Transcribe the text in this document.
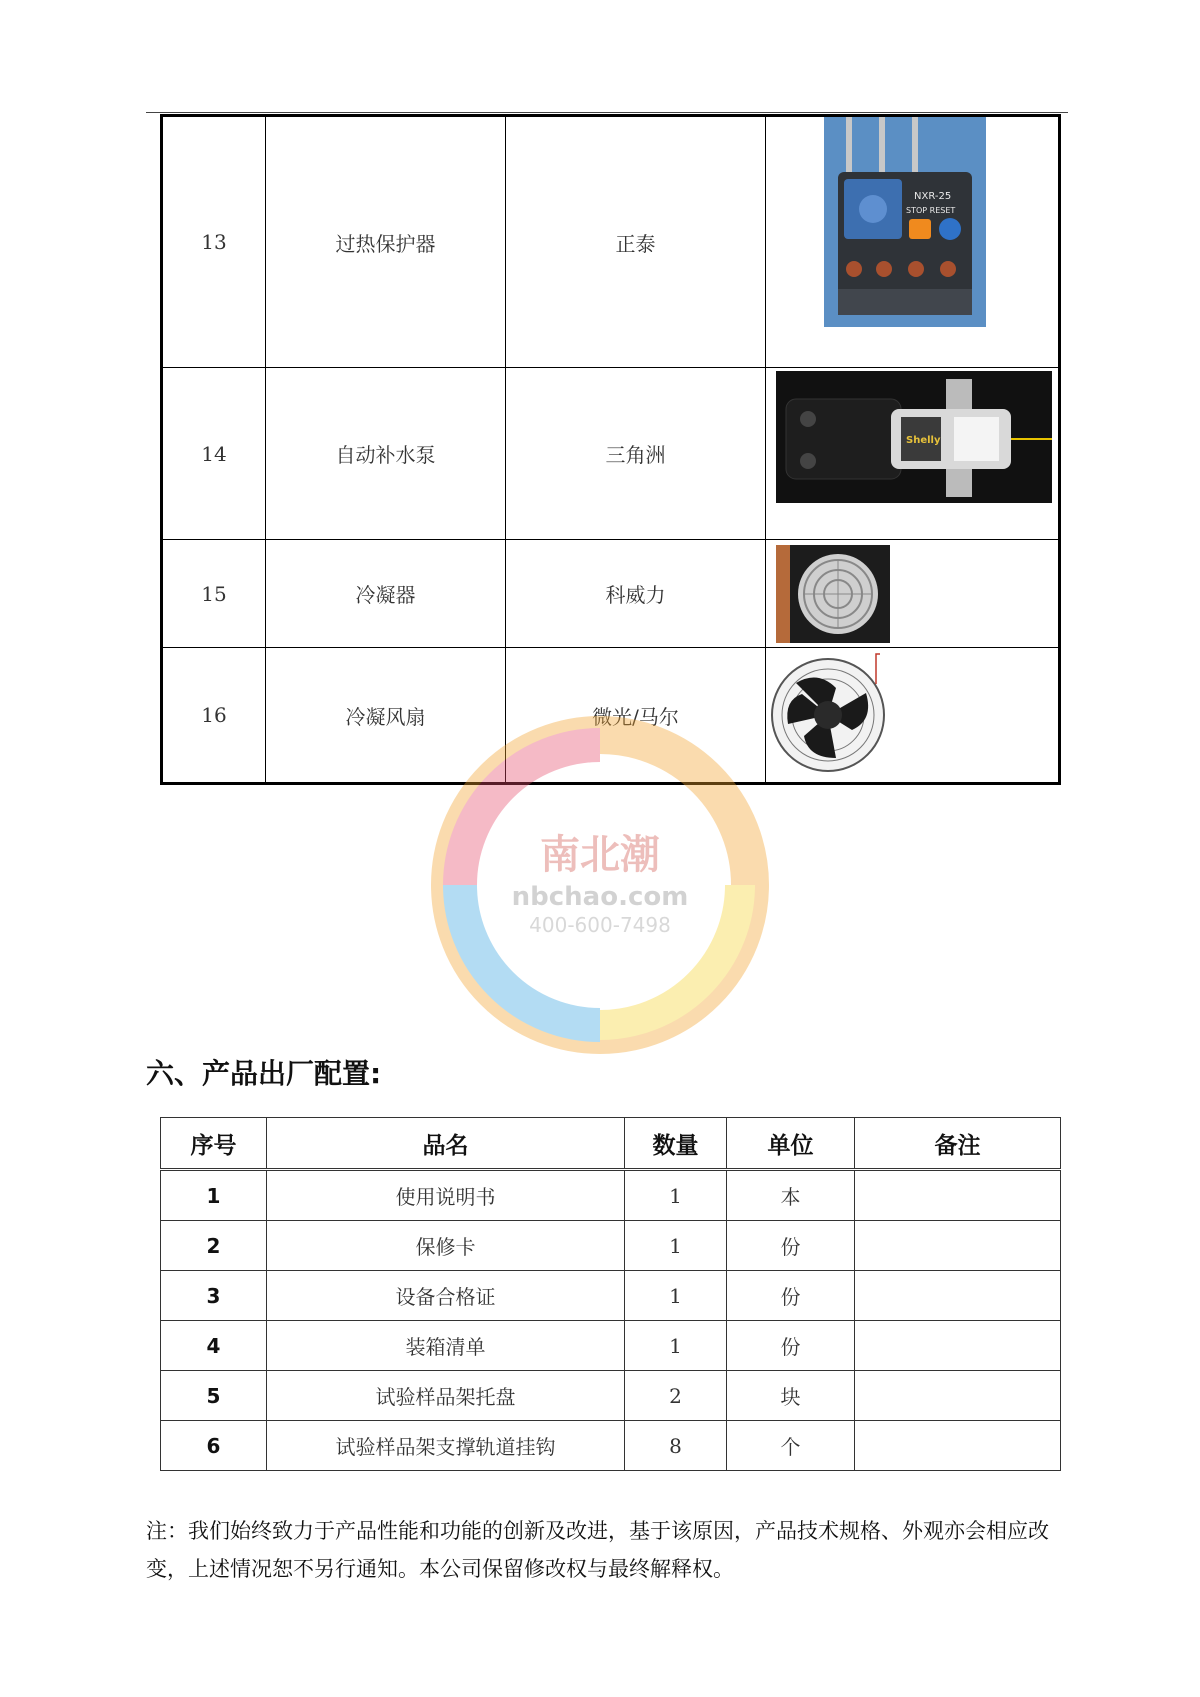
13	过热保护器	正泰	NXR-25
STOP RESET

14	自动补水泵	三角洲	Shelly

15	冷凝器	科威力	

16	冷凝风扇	微光/马尔	
南北潮
nbchao.com
400-600-7498
六、产品出厂配置:
序号	品名	数量	单位	备注
1	使用说明书	1	本	
2	保修卡	1	份	
3	设备合格证	1	份	
4	装箱清单	1	份	
5	试验样品架托盘	2	块	
6	试验样品架支撑轨道挂钩	8	个	

注：我们始终致力于产品性能和功能的创新及改进，基于该原因，产品技术规格、外观亦会相应改变，上述情况恕不另行通知。本公司保留修改权与最终解释权。
